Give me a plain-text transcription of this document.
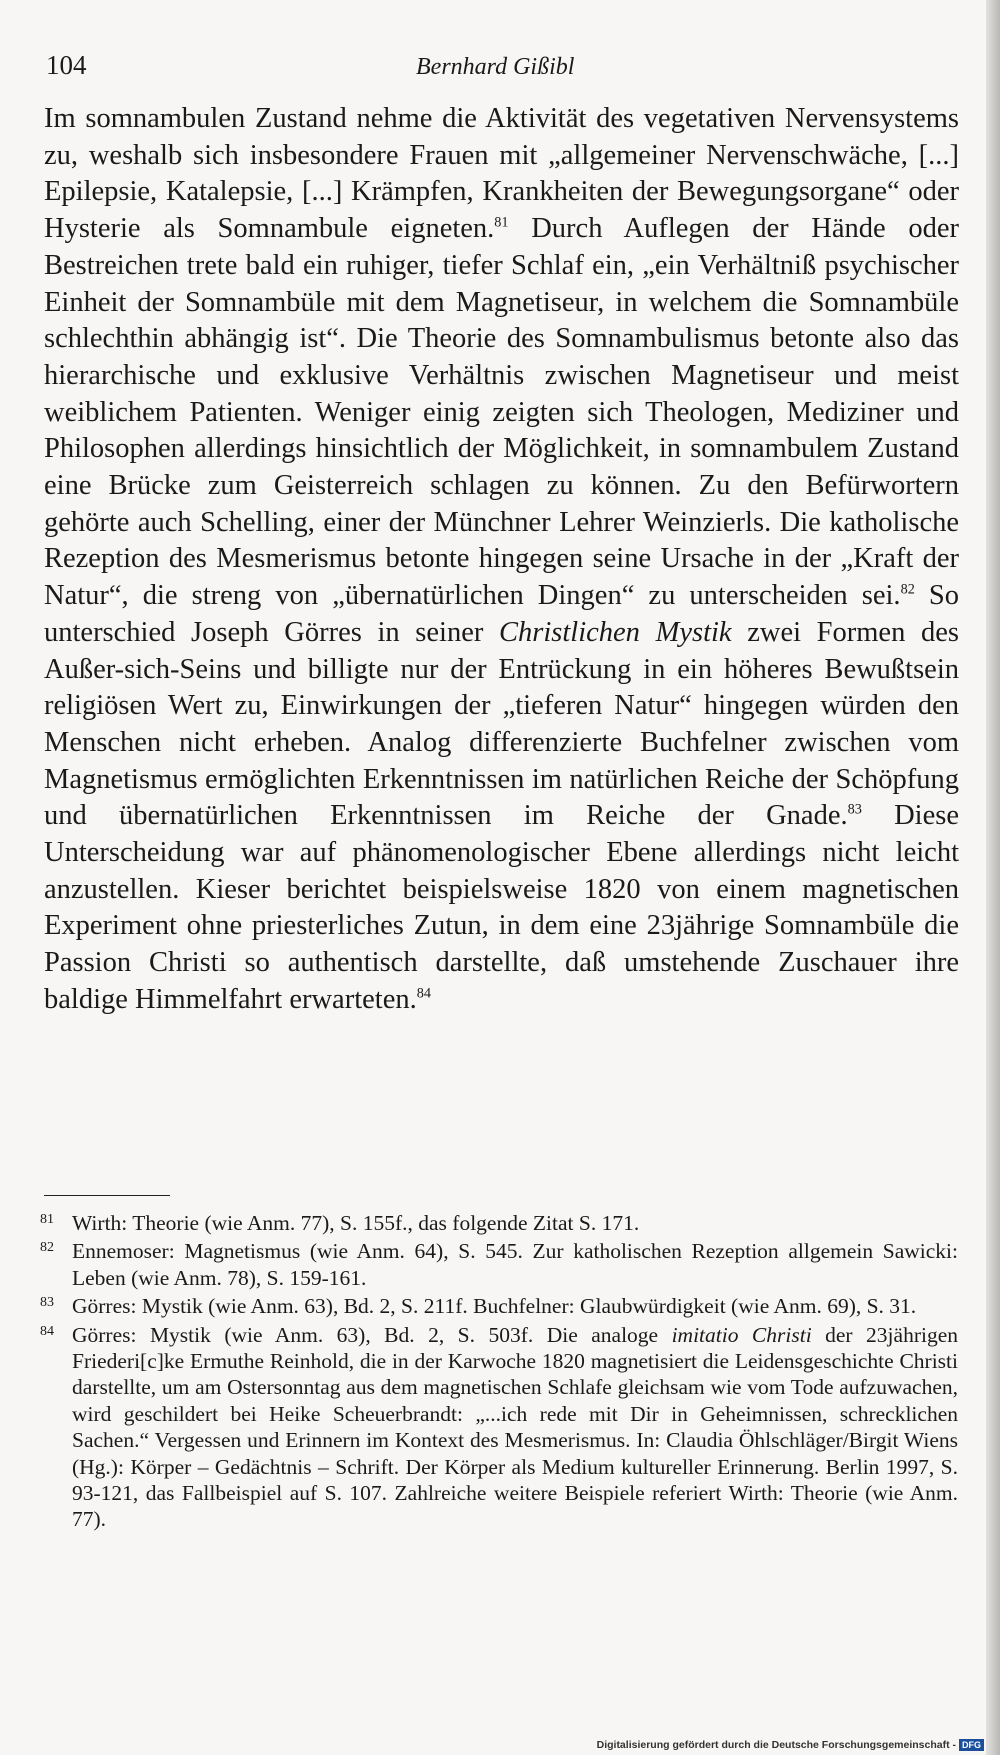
104	Bernhard Gißibl

Im somnambulen Zustand nehme die Aktivität des vegetativen Nervensystems zu, weshalb sich insbesondere Frauen mit „allgemeiner Nervenschwäche, [...] Epilepsie, Katalepsie, [...] Krämpfen, Krankheiten der Bewegungsorgane“ oder Hysterie als Somnambule eigneten.$^{81}$ Durch Auflegen der Hände oder Bestreichen trete bald ein ruhiger, tiefer Schlaf ein, „ein Verhältniß psychischer Einheit der Somnambüle mit dem Magnetiseur, in welchem die Somnambüle schlechthin abhängig ist“. Die Theorie des Somnambulismus betonte also das hierarchische und exklusive Verhältnis zwischen Magnetiseur und meist weiblichem Patienten. Weniger einig zeigten sich Theologen, Mediziner und Philosophen allerdings hinsichtlich der Möglichkeit, in somnambulem Zustand eine Brücke zum Geisterreich schlagen zu können. Zu den Befürwortern gehörte auch Schelling, einer der Münchner Lehrer Weinzierls. Die katholische Rezeption des Mesmerismus betonte hingegen seine Ursache in der „Kraft der Natur“, die streng von „übernatürlichen Dingen“ zu unterscheiden sei.$^{82}$ So unterschied Joseph Görres in seiner Christlichen Mystik zwei Formen des Außer-sich-Seins und billigte nur der Entrückung in ein höheres Bewußtsein religiösen Wert zu, Einwirkungen der „tieferen Natur“ hingegen würden den Menschen nicht erheben. Analog differenzierte Buchfelner zwischen vom Magnetismus ermöglichten Erkenntnissen im natürlichen Reiche der Schöpfung und übernatürlichen Erkenntnissen im Reiche der Gnade.$^{83}$ Diese Unterscheidung war auf phänomenologischer Ebene allerdings nicht leicht anzustellen. Kieser berichtet beispielsweise 1820 von einem magnetischen Experiment ohne priesterliches Zutun, in dem eine 23jährige Somnambüle die Passion Christi so authentisch darstellte, daß umstehende Zuschauer ihre baldige Himmelfahrt erwarteten.$^{84}$

81 Wirth: Theorie (wie Anm. 77), S. 155f., das folgende Zitat S. 171.
82 Ennemoser: Magnetismus (wie Anm. 64), S. 545. Zur katholischen Rezeption allgemein Sawicki: Leben (wie Anm. 78), S. 159-161.
83 Görres: Mystik (wie Anm. 63), Bd. 2, S. 211f. Buchfelner: Glaubwürdigkeit (wie Anm. 69), S. 31.
84 Görres: Mystik (wie Anm. 63), Bd. 2, S. 503f. Die analoge imitatio Christi der 23jährigen Friederi[c]ke Ermuthe Reinhold, die in der Karwoche 1820 magnetisiert die Leidensgeschichte Christi darstellte, um am Ostersonntag aus dem magnetischen Schlafe gleichsam wie vom Tode aufzuwachen, wird geschildert bei Heike Scheuerbrandt: „...ich rede mit Dir in Geheimnissen, schrecklichen Sachen.“ Vergessen und Erinnern im Kontext des Mesmerismus. In: Claudia Öhlschläger/Birgit Wiens (Hg.): Körper – Gedächtnis – Schrift. Der Körper als Medium kultureller Erinnerung. Berlin 1997, S. 93-121, das Fallbeispiel auf S. 107. Zahlreiche weitere Beispiele referiert Wirth: Theorie (wie Anm. 77).
Digitalisierung gefördert durch die Deutsche Forschungsgemeinschaft - DFG
